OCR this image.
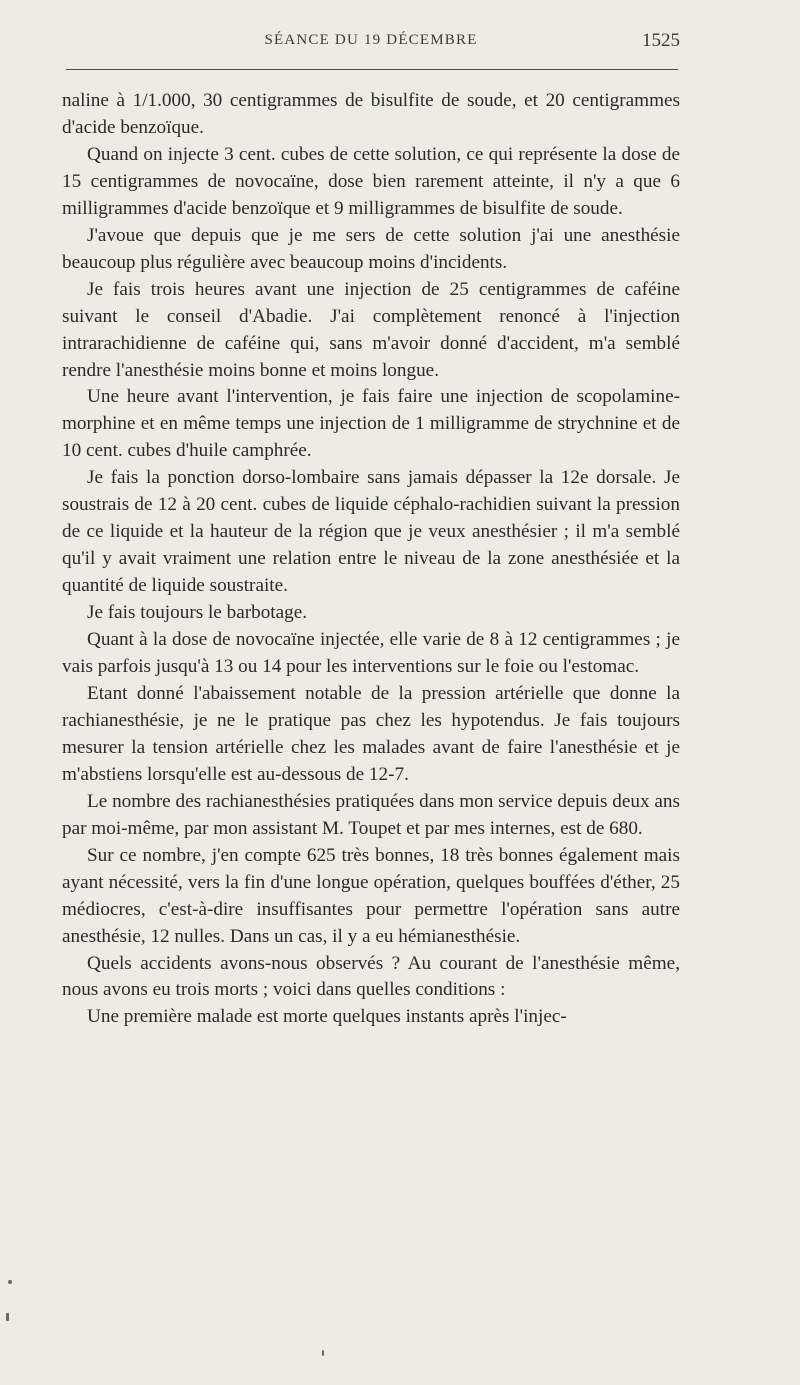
SÉANCE DU 19 DÉCEMBRE	1525

naline à 1/1.000, 30 centigrammes de bisulfite de soude, et 20 centigrammes d'acide benzoïque.

Quand on injecte 3 cent. cubes de cette solution, ce qui représente la dose de 15 centigrammes de novocaïne, dose bien rarement atteinte, il n'y a que 6 milligrammes d'acide benzoïque et 9 milligrammes de bisulfite de soude.

J'avoue que depuis que je me sers de cette solution j'ai une anesthésie beaucoup plus régulière avec beaucoup moins d'incidents.

Je fais trois heures avant une injection de 25 centigrammes de caféine suivant le conseil d'Abadie. J'ai complètement renoncé à l'injection intrarachidienne de caféine qui, sans m'avoir donné d'accident, m'a semblé rendre l'anesthésie moins bonne et moins longue.

Une heure avant l'intervention, je fais faire une injection de scopolamine-morphine et en même temps une injection de 1 milligramme de strychnine et de 10 cent. cubes d'huile camphrée.

Je fais la ponction dorso-lombaire sans jamais dépasser la 12e dorsale. Je soustrais de 12 à 20 cent. cubes de liquide céphalo-rachidien suivant la pression de ce liquide et la hauteur de la région que je veux anesthésier ; il m'a semblé qu'il y avait vraiment une relation entre le niveau de la zone anesthésiée et la quantité de liquide soustraite.

Je fais toujours le barbotage.

Quant à la dose de novocaïne injectée, elle varie de 8 à 12 centigrammes ; je vais parfois jusqu'à 13 ou 14 pour les interventions sur le foie ou l'estomac.

Etant donné l'abaissement notable de la pression artérielle que donne la rachianesthésie, je ne le pratique pas chez les hypotendus. Je fais toujours mesurer la tension artérielle chez les malades avant de faire l'anesthésie et je m'abstiens lorsqu'elle est au-dessous de 12-7.

Le nombre des rachianesthésies pratiquées dans mon service depuis deux ans par moi-même, par mon assistant M. Toupet et par mes internes, est de 680.

Sur ce nombre, j'en compte 625 très bonnes, 18 très bonnes également mais ayant nécessité, vers la fin d'une longue opération, quelques bouffées d'éther, 25 médiocres, c'est-à-dire insuffisantes pour permettre l'opération sans autre anesthésie, 12 nulles. Dans un cas, il y a eu hémianesthésie.

Quels accidents avons-nous observés ? Au courant de l'anesthésie même, nous avons eu trois morts ; voici dans quelles conditions :

Une première malade est morte quelques instants après l'injec-
